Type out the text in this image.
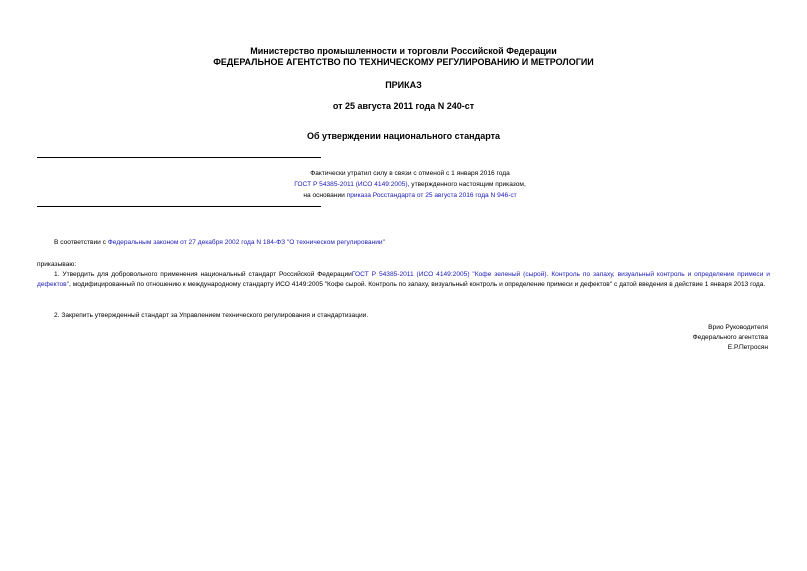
Министерство промышленности и торговли Российской Федерации
ФЕДЕРАЛЬНОЕ АГЕНТСТВО ПО ТЕХНИЧЕСКОМУ РЕГУЛИРОВАНИЮ И МЕТРОЛОГИИ
ПРИКАЗ
от 25 августа 2011 года N 240-ст
Об утверждении национального стандарта
Фактически утратил силу в связи с отменой с 1 января 2016 года
ГОСТ Р 54385-2011 (ИСО 4149:2005), утвержденного настоящим приказом,
на основании приказа Росстандарта от 25 августа 2016 года N 946-ст
В соответствии с Федеральным законом от 27 декабря 2002 года N 184-ФЗ "О техническом регулировании"
приказываю:
1. Утвердить для добровольного применения национальный стандарт Российской ФедерацииГОСТ Р 54385-2011 (ИСО 4149:2005) "Кофе зеленый (сырой). Контроль по запаху, визуальный контроль и определение примеси и дефектов", модифицированный по отношению к международному стандарту ИСО 4149:2005 "Кофе сырой. Контроль по запаху, визуальный контроль и определение примеси и дефектов" с датой введения в действие 1 января 2013 года.
2. Закрепить утвержденный стандарт за Управлением технического регулирования и стандартизации.
Врио Руководителя
Федерального агентства
Е.Р.Петросян
